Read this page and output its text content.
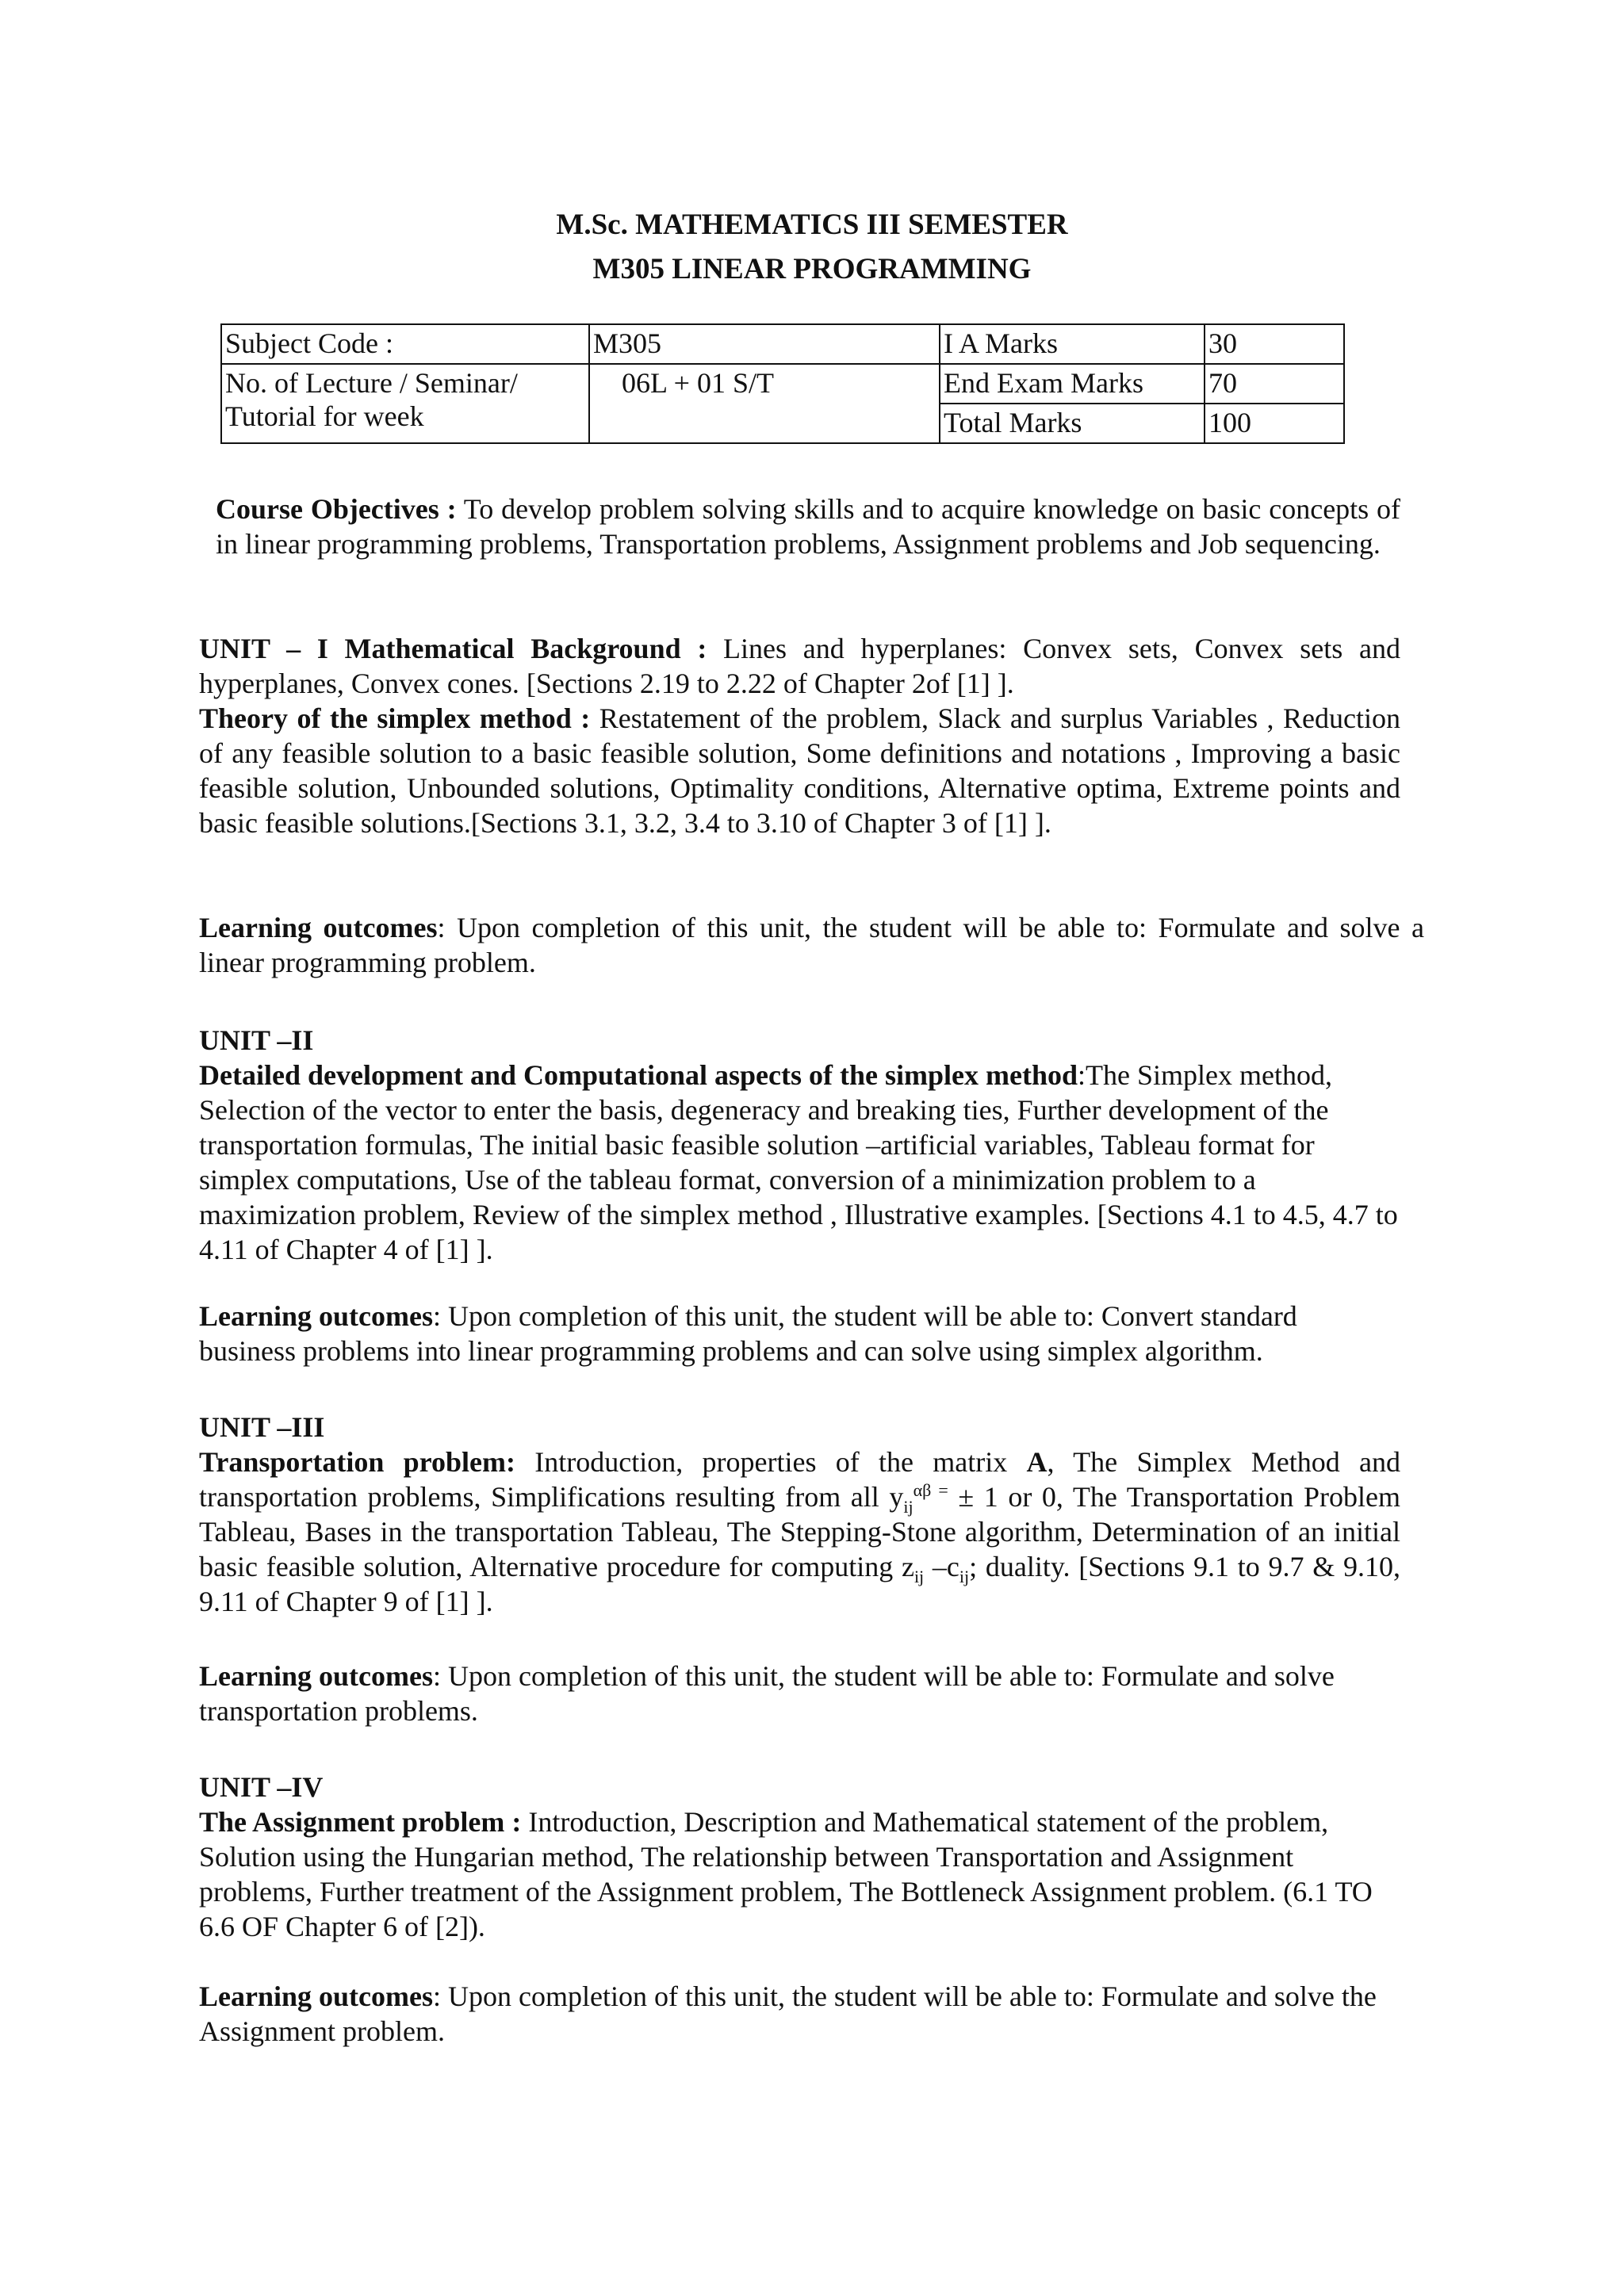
M.Sc. MATHEMATICS III SEMESTER
M305 LINEAR PROGRAMMING
Subject Code :	M305	I A Marks	30
No. of Lecture / Seminar/ Tutorial for week	06L + 01 S/T	End Exam Marks	70
		Total Marks	100

Course Objectives : To develop problem solving skills and to acquire knowledge on basic concepts of in linear programming problems, Transportation problems, Assignment problems and Job sequencing.

UNIT – I Mathematical Background : Lines and hyperplanes: Convex sets, Convex sets and hyperplanes, Convex cones. [Sections 2.19 to 2.22 of Chapter 2of [1] ].

Theory of the simplex method : Restatement of the problem, Slack and surplus Variables , Reduction of any feasible solution to a basic feasible solution, Some definitions and notations , Improving a basic feasible solution, Unbounded solutions, Optimality conditions, Alternative optima, Extreme points and basic feasible solutions.[Sections 3.1, 3.2, 3.4 to 3.10 of Chapter 3 of [1] ].

Learning outcomes: Upon completion of this unit, the student will be able to: Formulate and solve a linear programming problem.

UNIT –II

Detailed development and Computational aspects of the simplex method:The Simplex method, Selection of the vector to enter the basis, degeneracy and breaking ties, Further development of the transportation formulas, The initial basic feasible solution –artificial variables, Tableau format for simplex computations, Use of the tableau format, conversion of a minimization problem to a maximization problem, Review of the simplex method , Illustrative examples. [Sections 4.1 to 4.5, 4.7 to 4.11 of Chapter 4 of [1] ].

Learning outcomes: Upon completion of this unit, the student will be able to: Convert standard business problems into linear programming problems and can solve using simplex algorithm.

UNIT –III

Transportation problem: Introduction, properties of the matrix A, The Simplex Method and transportation problems, Simplifications resulting from all $y_{ij}^{\alpha\beta =} \pm 1$ or 0, The Transportation Problem Tableau, Bases in the transportation Tableau, The Stepping-Stone algorithm, Determination of an initial basic feasible solution, Alternative procedure for computing $z_{ij}$ $-c_{ij}$; duality. [Sections 9.1 to 9.7 & 9.10, 9.11 of Chapter 9 of [1] ].

Learning outcomes: Upon completion of this unit, the student will be able to: Formulate and solve transportation problems.

UNIT –IV

The Assignment problem : Introduction, Description and Mathematical statement of the problem, Solution using the Hungarian method, The relationship between Transportation and Assignment problems, Further treatment of the Assignment problem, The Bottleneck Assignment problem. (6.1 TO 6.6 OF Chapter 6 of [2]).

Learning outcomes: Upon completion of this unit, the student will be able to: Formulate and solve the Assignment problem.
